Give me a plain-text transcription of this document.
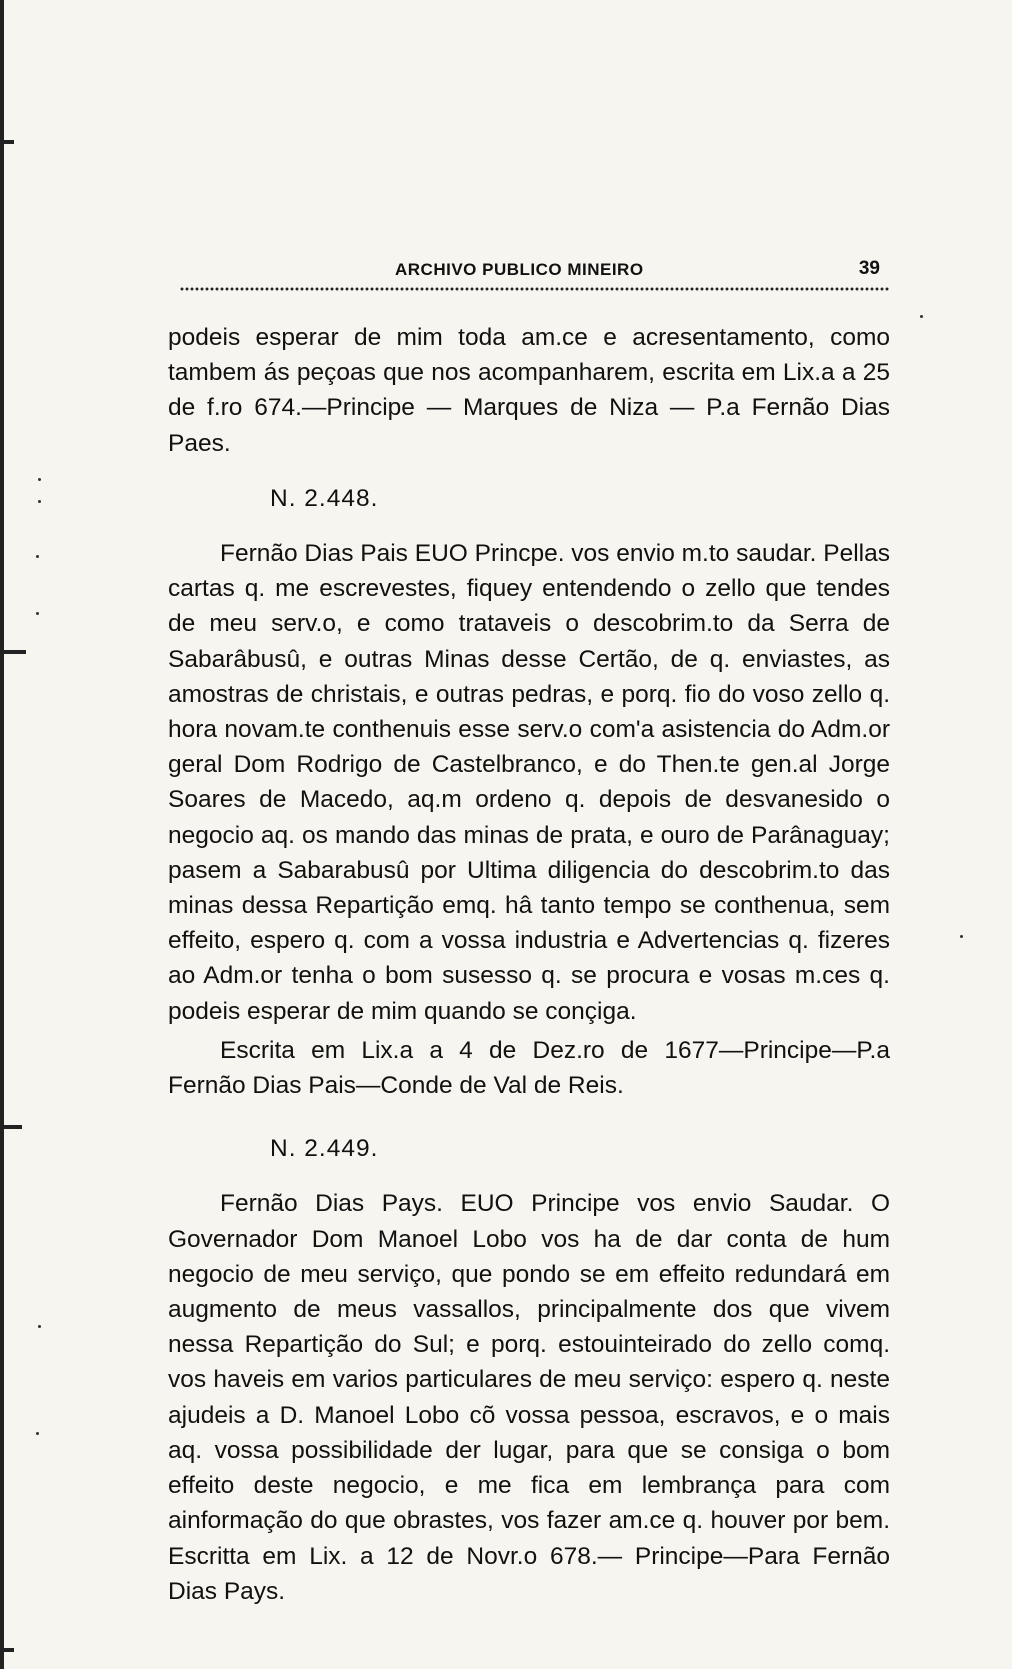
ARCHIVO PUBLICO MINEIRO	39

podeis esperar de mim toda am.ce e acresentamento, como tambem ás peçoas que nos acompanharem, escrita em Lix.a a 25 de f.ro 674.—Principe — Marques de Niza — P.a Fernão Dias Paes.

N. 2.448.

Fernão Dias Pais EUO Princpe. vos envio m.to saudar. Pellas cartas q. me escrevestes, fiquey entendendo o zello que tendes de meu serv.o, e como trataveis o descobrim.to da Serra de Sabarâbusû, e outras Minas desse Certão, de q. enviastes, as amostras de christais, e outras pedras, e porq. fio do voso zello q. hora novam.te conthenuis esse serv.o com'a asistencia do Adm.or geral Dom Rodrigo de Castelbranco, e do Then.te gen.al Jorge Soares de Macedo, aq.m ordeno q. depois de desvanesido o negocio aq. os mando das minas de prata, e ouro de Parânaguay; pasem a Sabarabusû por Ultima diligencia do descobrim.to das minas dessa Repartição emq. hâ tanto tempo se conthenua, sem effeito, espero q. com a vossa industria e Advertencias q. fizeres ao Adm.or tenha o bom susesso q. se procura e vosas m.ces q. podeis esperar de mim quando se conçiga.

Escrita em Lix.a a 4 de Dez.ro de 1677—Principe—P.a Fernão Dias Pais—Conde de Val de Reis.

N. 2.449.

Fernão Dias Pays. EUO Principe vos envio Saudar. O Governador Dom Manoel Lobo vos ha de dar conta de hum negocio de meu serviço, que pondo se em effeito redundará em augmento de meus vassallos, principalmente dos que vivem nessa Repartição do Sul; e porq. estouinteirado do zello comq. vos haveis em varios particulares de meu serviço: espero q. neste ajudeis a D. Manoel Lobo cõ vossa pessoa, escravos, e o mais aq. vossa possibilidade der lugar, para que se consiga o bom effeito deste negocio, e me fica em lembrança para com ainformação do que obrastes, vos fazer am.ce q. houver por bem. Escritta em Lix. a 12 de Novr.o 678.— Principe—Para Fernão Dias Pays.
